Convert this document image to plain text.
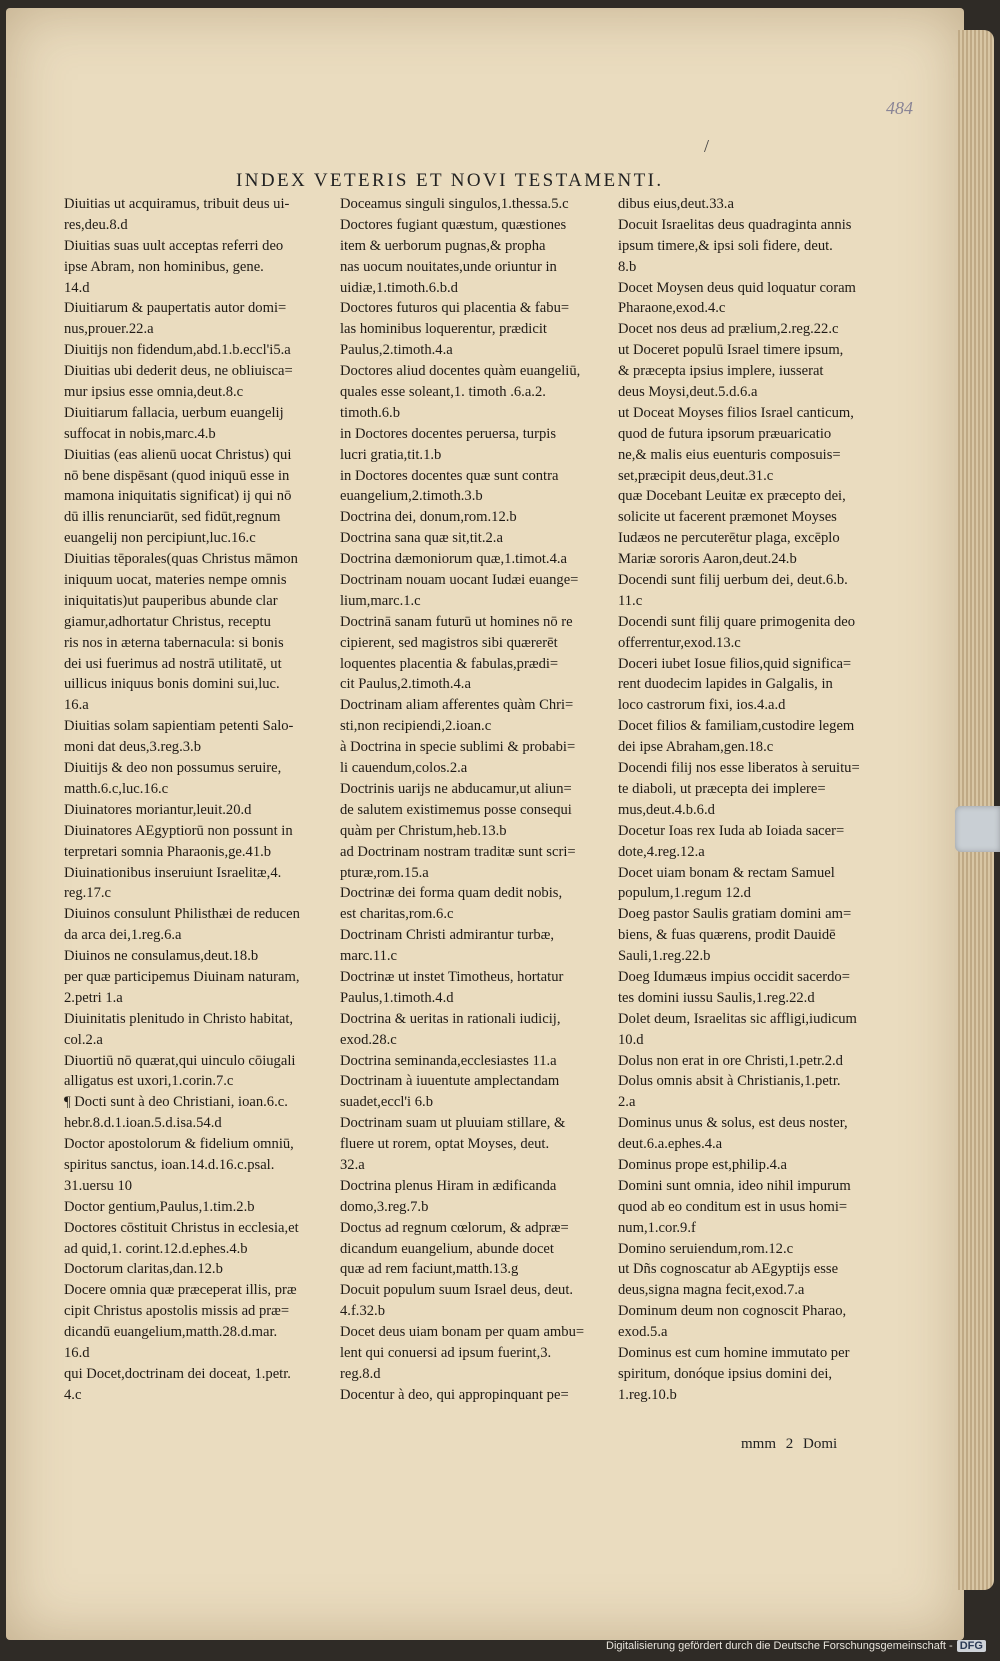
484
/
INDEX VETERIS ET NOVI TESTAMENTI.
Diuitias ut acquiramus, tribuit deus ui-
res,deu.8.d
Diuitias suas uult acceptas referri deo
ipse Abram, non hominibus, gene.
14.d
Diuitiarum & paupertatis autor domi=
nus,prouer.22.a
Diuitijs non fidendum,abd.1.b.eccl'i5.a
Diuitias ubi dederit deus, ne obliuisca=
mur ipsius esse omnia,deut.8.c
Diuitiarum fallacia, uerbum euangelij
suffocat in nobis,marc.4.b
Diuitias (eas alienū uocat Christus) qui
nō bene dispēsant (quod iniquū esse in
mamona iniquitatis significat) ij qui nō
dū illis renunciarūt, sed fidūt,regnum
euangelij non percipiunt,luc.16.c
Diuitias tēporales(quas Christus māmon
iniquum uocat, materies nempe omnis
iniquitatis)ut pauperibus abunde clar
giamur,adhortatur Christus, receptu
ris nos in æterna tabernacula: si bonis
dei usi fuerimus ad nostrā utilitatē, ut
uillicus iniquus bonis domini sui,luc.
16.a
Diuitias solam sapientiam petenti Salo-
moni dat deus,3.reg.3.b
Diuitijs & deo non possumus seruire,
matth.6.c,luc.16.c
Diuinatores moriantur,leuit.20.d
Diuinatores AEgyptiorū non possunt in
terpretari somnia Pharaonis,ge.41.b
Diuinationibus inseruiunt Israelitæ,4.
reg.17.c
Diuinos consulunt Philisthæi de reducen
da arca dei,1.reg.6.a
Diuinos ne consulamus,deut.18.b
per quæ participemus Diuinam naturam,
2.petri 1.a
Diuinitatis plenitudo in Christo habitat,
col.2.a
Diuortiū nō quærat,qui uinculo cōiugali
alligatus est uxori,1.corin.7.c
¶ Docti sunt à deo Christiani, ioan.6.c.
hebr.8.d.1.ioan.5.d.isa.54.d
Doctor apostolorum & fidelium omniū,
spiritus sanctus, ioan.14.d.16.c.psal.
31.uersu 10
Doctor gentium,Paulus,1.tim.2.b
Doctores cōstituit Christus in ecclesia,et
ad quid,1. corint.12.d.ephes.4.b
Doctorum claritas,dan.12.b
Docere omnia quæ præceperat illis, præ
cipit Christus apostolis missis ad præ=
dicandū euangelium,matth.28.d.mar.
16.d
qui Docet,doctrinam dei doceat, 1.petr.
4.c
Doceamus singuli singulos,1.thessa.5.c
Doctores fugiant quæstum, quæstiones
item & uerborum pugnas,& propha
nas uocum nouitates,unde oriuntur in
uidiæ,1.timoth.6.b.d
Doctores futuros qui placentia & fabu=
las hominibus loquerentur, prædicit
Paulus,2.timoth.4.a
Doctores aliud docentes quàm euangeliū,
quales esse soleant,1. timoth .6.a.2.
timoth.6.b
in Doctores docentes peruersa, turpis
lucri gratia,tit.1.b
in Doctores docentes quæ sunt contra
euangelium,2.timoth.3.b
Doctrina dei, donum,rom.12.b
Doctrina sana quæ sit,tit.2.a
Doctrina dæmoniorum quæ,1.timot.4.a
Doctrinam nouam uocant Iudæi euange=
lium,marc.1.c
Doctrinā sanam futurū ut homines nō re
cipierent, sed magistros sibi quærerēt
loquentes placentia & fabulas,prædi=
cit Paulus,2.timoth.4.a
Doctrinam aliam afferentes quàm Chri=
sti,non recipiendi,2.ioan.c
à Doctrina in specie sublimi & probabi=
li cauendum,colos.2.a
Doctrinis uarijs ne abducamur,ut aliun=
de salutem existimemus posse consequi
quàm per Christum,heb.13.b
ad Doctrinam nostram traditæ sunt scri=
pturæ,rom.15.a
Doctrinæ dei forma quam dedit nobis,
est charitas,rom.6.c
Doctrinam Christi admirantur turbæ,
marc.11.c
Doctrinæ ut instet Timotheus, hortatur
Paulus,1.timoth.4.d
Doctrina & ueritas in rationali iudicij,
exod.28.c
Doctrina seminanda,ecclesiastes 11.a
Doctrinam à iuuentute amplectandam
suadet,eccl'i 6.b
Doctrinam suam ut pluuiam stillare, &
fluere ut rorem, optat Moyses, deut.
32.a
Doctrina plenus Hiram in ædificanda
domo,3.reg.7.b
Doctus ad regnum cœlorum, & adpræ=
dicandum euangelium, abunde docet
quæ ad rem faciunt,matth.13.g
Docuit populum suum Israel deus, deut.
4.f.32.b
Docet deus uiam bonam per quam ambu=
lent qui conuersi ad ipsum fuerint,3.
reg.8.d
Docentur à deo, qui appropinquant pe=
dibus eius,deut.33.a
Docuit Israelitas deus quadraginta annis
ipsum timere,& ipsi soli fidere, deut.
8.b
Docet Moysen deus quid loquatur coram
Pharaone,exod.4.c
Docet nos deus ad prælium,2.reg.22.c
ut Doceret populū Israel timere ipsum,
& præcepta ipsius implere, iusserat
deus Moysi,deut.5.d.6.a
ut Doceat Moyses filios Israel canticum,
quod de futura ipsorum præuaricatio
ne,& malis eius euenturis composuis=
set,præcipit deus,deut.31.c
quæ Docebant Leuitæ ex præcepto dei,
solicite ut facerent præmonet Moyses
Iudæos ne percuterētur plaga, excēplo
Mariæ sororis Aaron,deut.24.b
Docendi sunt filij uerbum dei, deut.6.b.
11.c
Docendi sunt filij quare primogenita deo
offerrentur,exod.13.c
Doceri iubet Iosue filios,quid significa=
rent duodecim lapides in Galgalis, in
loco castrorum fixi, ios.4.a.d
Docet filios & familiam,custodire legem
dei ipse Abraham,gen.18.c
Docendi filij nos esse liberatos à seruitu=
te diaboli, ut præcepta dei implere=
mus,deut.4.b.6.d
Docetur Ioas rex Iuda ab Ioiada sacer=
dote,4.reg.12.a
Docet uiam bonam & rectam Samuel
populum,1.regum 12.d
Doeg pastor Saulis gratiam domini am=
biens, & fuas quærens, prodit Dauidē
Sauli,1.reg.22.b
Doeg Idumæus impius occidit sacerdo=
tes domini iussu Saulis,1.reg.22.d
Dolet deum, Israelitas sic affligi,iudicum
10.d
Dolus non erat in ore Christi,1.petr.2.d
Dolus omnis absit à Christianis,1.petr.
2.a
Dominus unus & solus, est deus noster,
deut.6.a.ephes.4.a
Dominus prope est,philip.4.a
Domini sunt omnia, ideo nihil impurum
quod ab eo conditum est in usus homi=
num,1.cor.9.f
Domino seruiendum,rom.12.c
ut Dñs cognoscatur ab AEgyptijs esse
deus,signa magna fecit,exod.7.a
Dominum deum non cognoscit Pharao,
exod.5.a
Dominus est cum homine immutato per
spiritum, donóque ipsius domini dei,
1.reg.10.b
mmm 2 Domi
Digitalisierung gefördert durch die Deutsche Forschungsgemeinschaft - DFG
